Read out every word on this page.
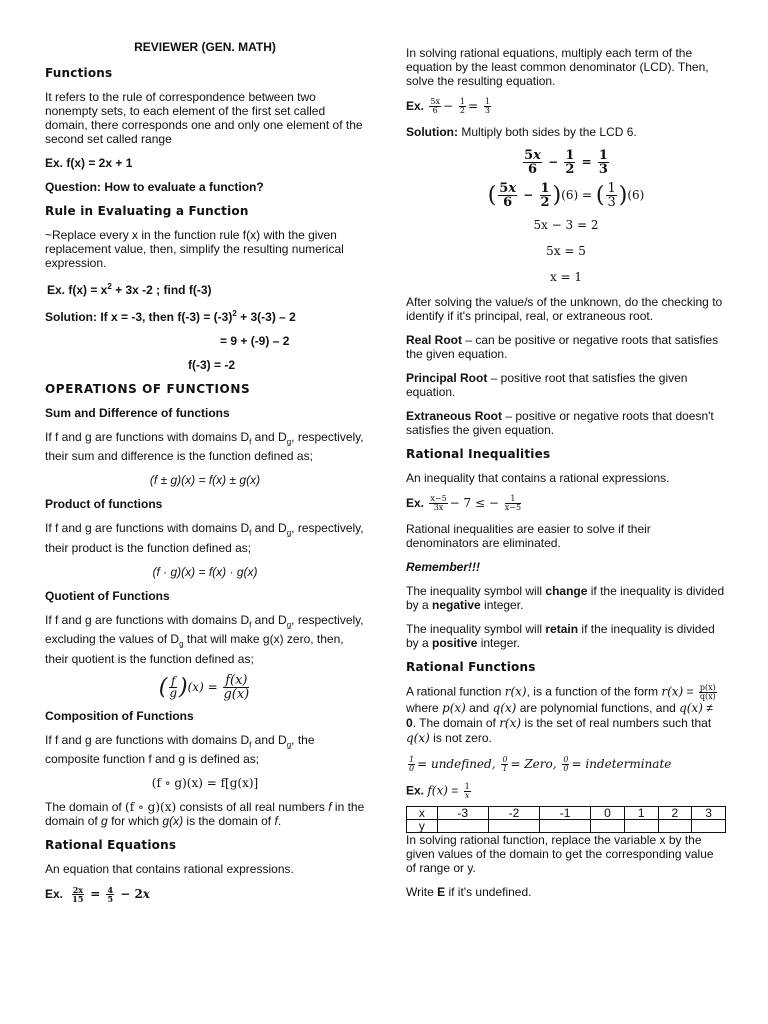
REVIEWER (GEN. MATH)

Functions

It refers to the rule of correspondence between two nonempty sets, to each element of the first set called domain, there corresponds one and only one element of the second set called range

Ex. f(x) = 2x + 1

Question: How to evaluate a function?

Rule in Evaluating a Function

~Replace every x in the function rule f(x) with the given replacement value, then, simplify the resulting numerical expression.

Ex. $f(x) = x^2 + 3x$ -2 ; find f(-3)

Solution: If x = -3, then $f(-3) = (-3)^2 + 3(-3) - 2$

= 9 + (-9) – 2

f(-3) = -2

OPERATIONS OF FUNCTIONS

Sum and Difference of functions

If f and g are functions with domains $D_f$ and $D_g$, respectively, their sum and difference is the function defined as;

(f ± g)(x) = f(x) ± g(x)

Product of functions

If f and g are functions with domains $D_f$ and $D_g$, respectively, their product is the function defined as;

(f · g)(x) = f(x) · g(x)

Quotient of Functions

If f and g are functions with domains $D_f$ and $D_g$, respectively, excluding the values of $D_g$ that will make g(x) zero, then, their quotient is the function defined as;

( $\frac{f}{g} )(x) = \frac{f(x)}{g(x)}$

Composition of Functions

If f and g are functions with domains $D_f$ and $D_g$, the composite function f and g is defined as;

(f ∘ g)(x) = f[g(x)]

The domain of (f ∘ g)(x) consists of all real numbers f in the domain of g for which g(x) is the domain of f.

Rational Equations

An equation that contains rational expressions.

Ex. $\frac{2x}{15} = \frac{4}{5} - 2x$

In solving rational equations, multiply each term of the equation by the least common denominator (LCD). Then, solve the resulting equation.

Ex. $\frac{5x}{6} - \frac{1}{2} = \frac{1}{3}$

Solution: Multiply both sides by the LCD 6.

$\frac{5x}{6} - \frac{1}{2} = \frac{1}{3}$
( $\frac{5x}{6} - \frac{1}{2} )(6)$ = ( $\frac{1}{3} )(6)$

5x − 3 = 2

5x = 5

x = 1

After solving the value/s of the unknown, do the checking to identify if it's principal, real, or extraneous root.

Real Root – can be positive or negative roots that satisfies the given equation.

Principal Root – positive root that satisfies the given equation.

Extraneous Root – positive or negative roots that doesn't satisfies the given equation.

Rational Inequalities

An inequality that contains a rational expressions.

Ex. $\frac{x-5}{3x} - 7$ ≤ − $\frac{1}{x-5}$

Rational inequalities are easier to solve if their denominators are eliminated.

Remember!!!

The inequality symbol will change if the inequality is divided by a negative integer.

The inequality symbol will retain if the inequality is divided by a positive integer.

Rational Functions

A rational function r(x), is a function of the form $r(x) = \frac{p(x)}{q(x)}$
where p(x) and q(x) are polynomial functions, and q(x) ≠ 0. The domain of r(x) is the set of real numbers such that q(x) is not zero.

$\frac{1}{0}$ = undefined, $\frac{0}{1}$ = Zero, $\frac{0}{0}$ = indeterminate

Ex. $f(x) = \frac{1}{x}$

x	-3	-2	-1	0	1	2	3
y							

In solving rational function, replace the variable x by the given values of the domain to get the corresponding value of range or y.

Write E if it's undefined.
